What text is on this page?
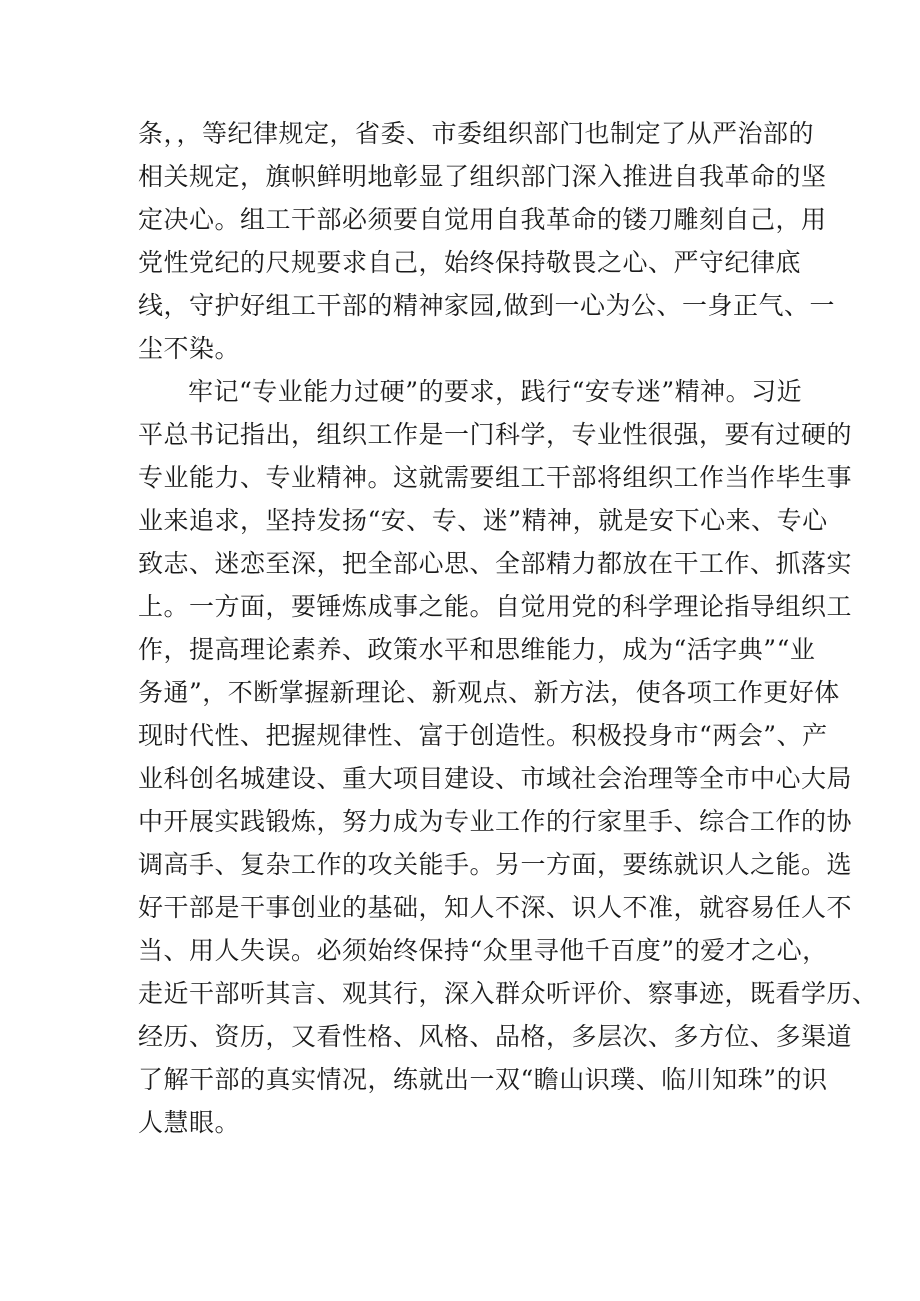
条，，等纪律规定，省委、市委组织部门也制定了从严治部的
相关规定，旗帜鲜明地彰显了组织部门深入推进自我革命的坚
定决心。组工干部必须要自觉用自我革命的镂刀雕刻自己，用
党性党纪的尺规要求自己，始终保持敬畏之心、严守纪律底
线，守护好组工干部的精神家园,做到一心为公、一身正气、一
尘不染。
牢记“专业能力过硬”的要求，践行“安专迷”精神。习近
平总书记指出，组织工作是一门科学，专业性很强，要有过硬的
专业能力、专业精神。这就需要组工干部将组织工作当作毕生事
业来追求，坚持发扬“安、专、迷”精神，就是安下心来、专心
致志、迷恋至深，把全部心思、全部精力都放在干工作、抓落实
上。一方面，要锤炼成事之能。自觉用党的科学理论指导组织工
作，提高理论素养、政策水平和思维能力，成为“活字典”“业
务通”，不断掌握新理论、新观点、新方法，使各项工作更好体
现时代性、把握规律性、富于创造性。积极投身市“两会”、产
业科创名城建设、重大项目建设、市域社会治理等全市中心大局
中开展实践锻炼，努力成为专业工作的行家里手、综合工作的协
调高手、复杂工作的攻关能手。另一方面，要练就识人之能。选
好干部是干事创业的基础，知人不深、识人不准，就容易任人不
当、用人失误。必须始终保持“众里寻他千百度”的爱才之心，
走近干部听其言、观其行，深入群众听评价、察事迹，既看学历、
经历、资历，又看性格、风格、品格，多层次、多方位、多渠道
了解干部的真实情况，练就出一双“瞻山识璞、临川知珠”的识
人慧眼。
